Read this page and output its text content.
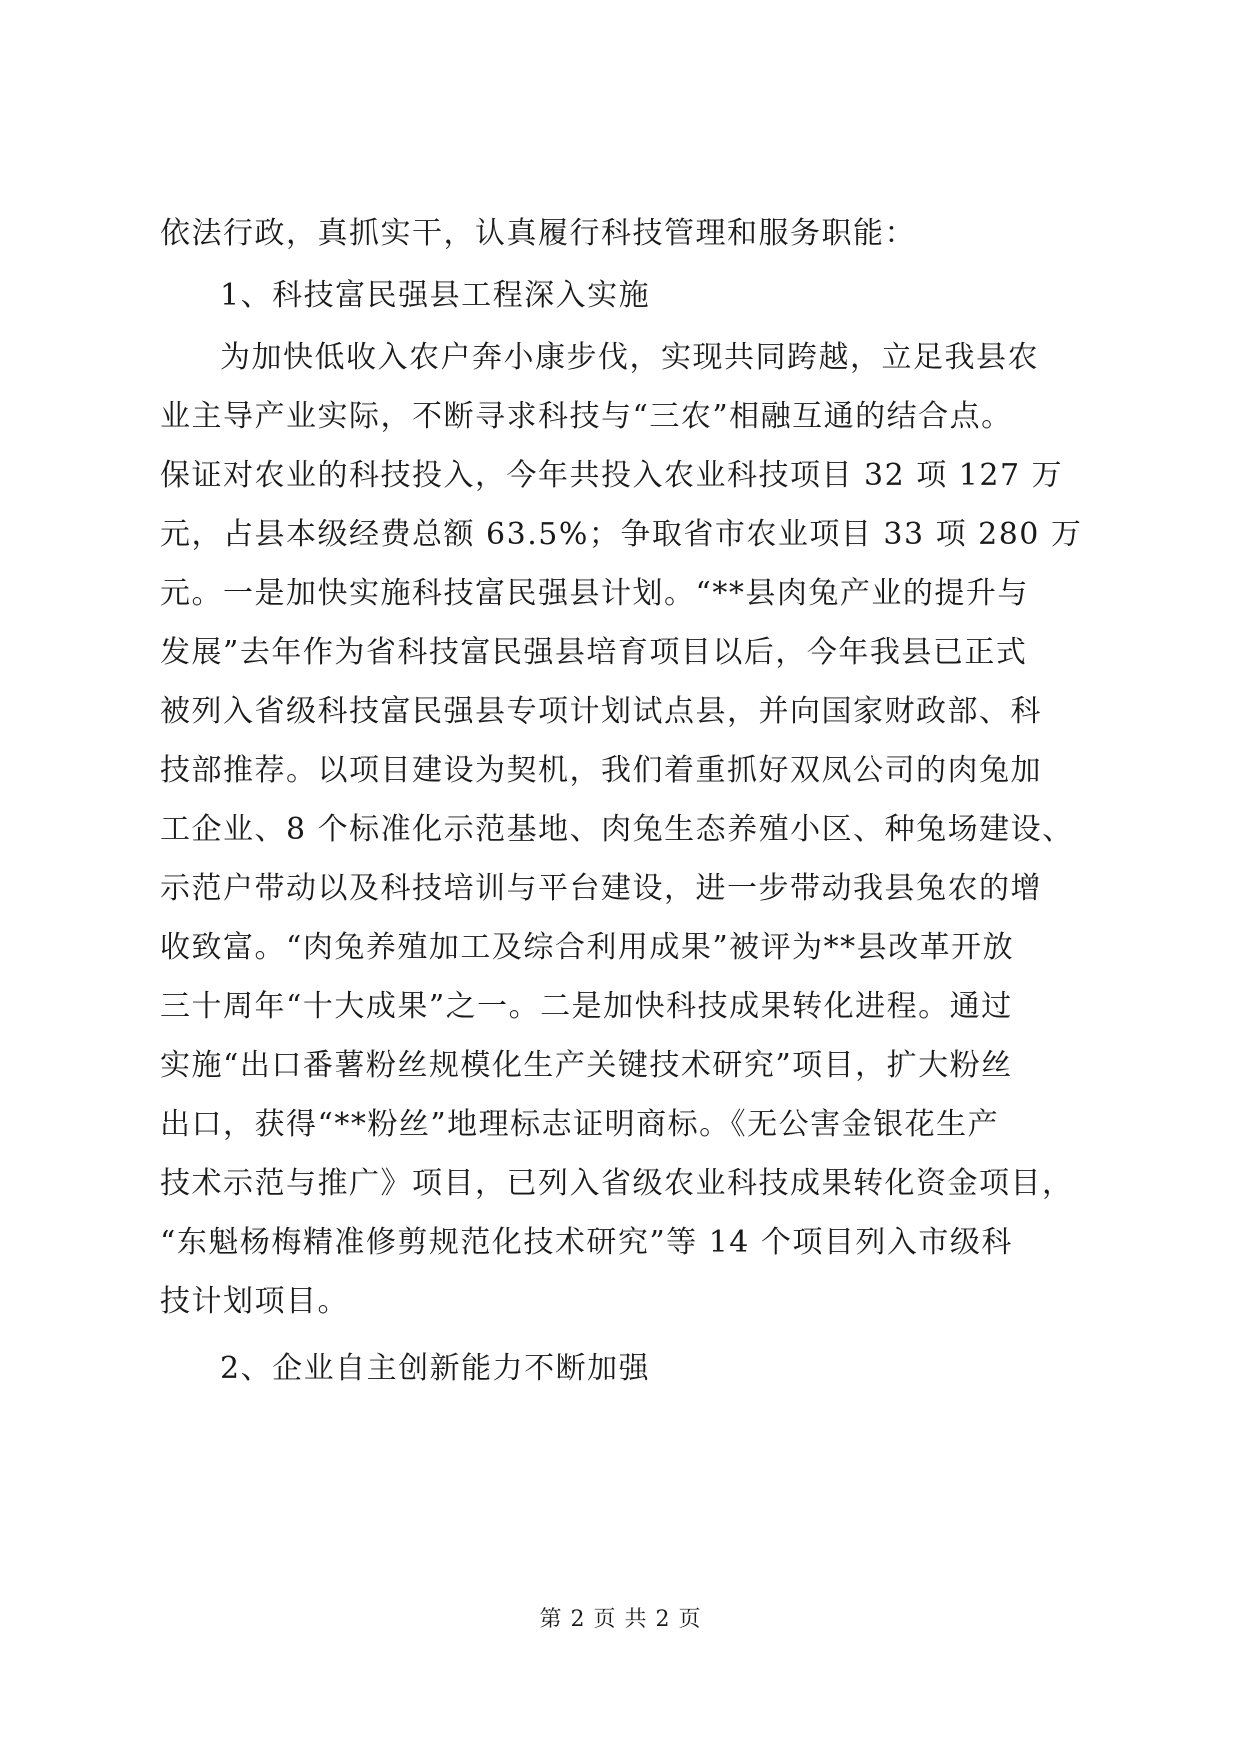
依法行政，真抓实干，认真履行科技管理和服务职能：
1、科技富民强县工程深入实施
为加快低收入农户奔小康步伐，实现共同跨越，立足我县农
业主导产业实际，不断寻求科技与“三农”相融互通的结合点。
保证对农业的科技投入，今年共投入农业科技项目 32 项 127 万
元，占县本级经费总额 63.5%；争取省市农业项目 33 项 280 万
元。一是加快实施科技富民强县计划。“**县肉兔产业的提升与
发展”去年作为省科技富民强县培育项目以后，今年我县已正式
被列入省级科技富民强县专项计划试点县，并向国家财政部、科
技部推荐。以项目建设为契机，我们着重抓好双凤公司的肉兔加
工企业、8 个标准化示范基地、肉兔生态养殖小区、种兔场建设、
示范户带动以及科技培训与平台建设，进一步带动我县兔农的增
收致富。“肉兔养殖加工及综合利用成果”被评为**县改革开放
三十周年“十大成果”之一。二是加快科技成果转化进程。通过
实施“出口番薯粉丝规模化生产关键技术研究”项目，扩大粉丝
出口，获得“**粉丝”地理标志证明商标。《无公害金银花生产
技术示范与推广》项目，已列入省级农业科技成果转化资金项目，
“东魁杨梅精准修剪规范化技术研究”等 14 个项目列入市级科
技计划项目。
2、企业自主创新能力不断加强
第 2 页 共 2 页
